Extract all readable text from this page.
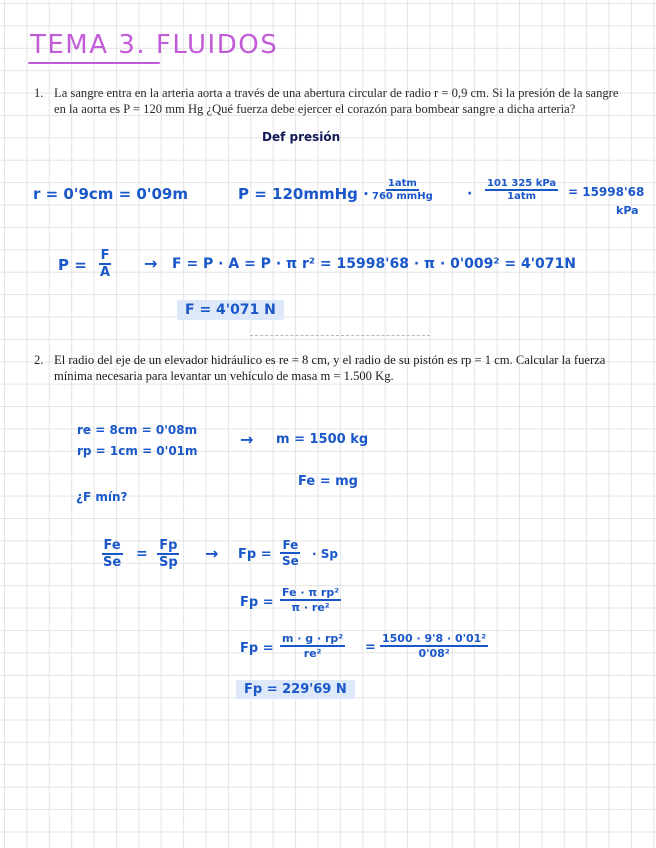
TEMA 3. FLUIDOS
1. La sangre entra en la arteria aorta a través de una abertura circular de radio r = 0,9 cm. Si la presión de la sangre en la aorta es P = 120 mm Hg ¿Qué fuerza debe ejercer el corazón para bombear sangre a dicha arteria?
Def presión
r = 0'9cm = 0'09m	P = 120mmHg · $\frac{\text{1atm}}{\text{760 mmHg}} \cdot \frac{\text{101 325 kPa}}{\text{1atm}} = 15998'68$
kPa
$P = \frac{F}{A} \to F = P \cdot A = P \cdot \pi$ r² = 15998'68 · π · 0'009² = 4'071N
F = 4'071 N
2. El radio del eje de un elevador hidráulico es re = 8 cm, y el radio de su pistón es rp = 1 cm. Calcular la fuerza mínima necesaria para levantar un vehículo de masa m = 1.500 Kg.
re = 8cm = 0'08m
rp = 1cm = 0'01m
→ m = 1500 kg
Fe = mg
¿F mín?
$\frac{Fe}{Se} = \frac{Fp}{Sp} \to Fp = \frac{Fe}{Se} \cdot Sp$
$Fp = \frac{\text{Fe · π rp²}}{\text{π · re²}}$
$Fp = \frac{\text{m · g · rp²}}{\text{re²}} = \frac{\text{1500 · 9'8 · 0'01²}}{\text{0'08²}}$
Fp = 229'69 N
